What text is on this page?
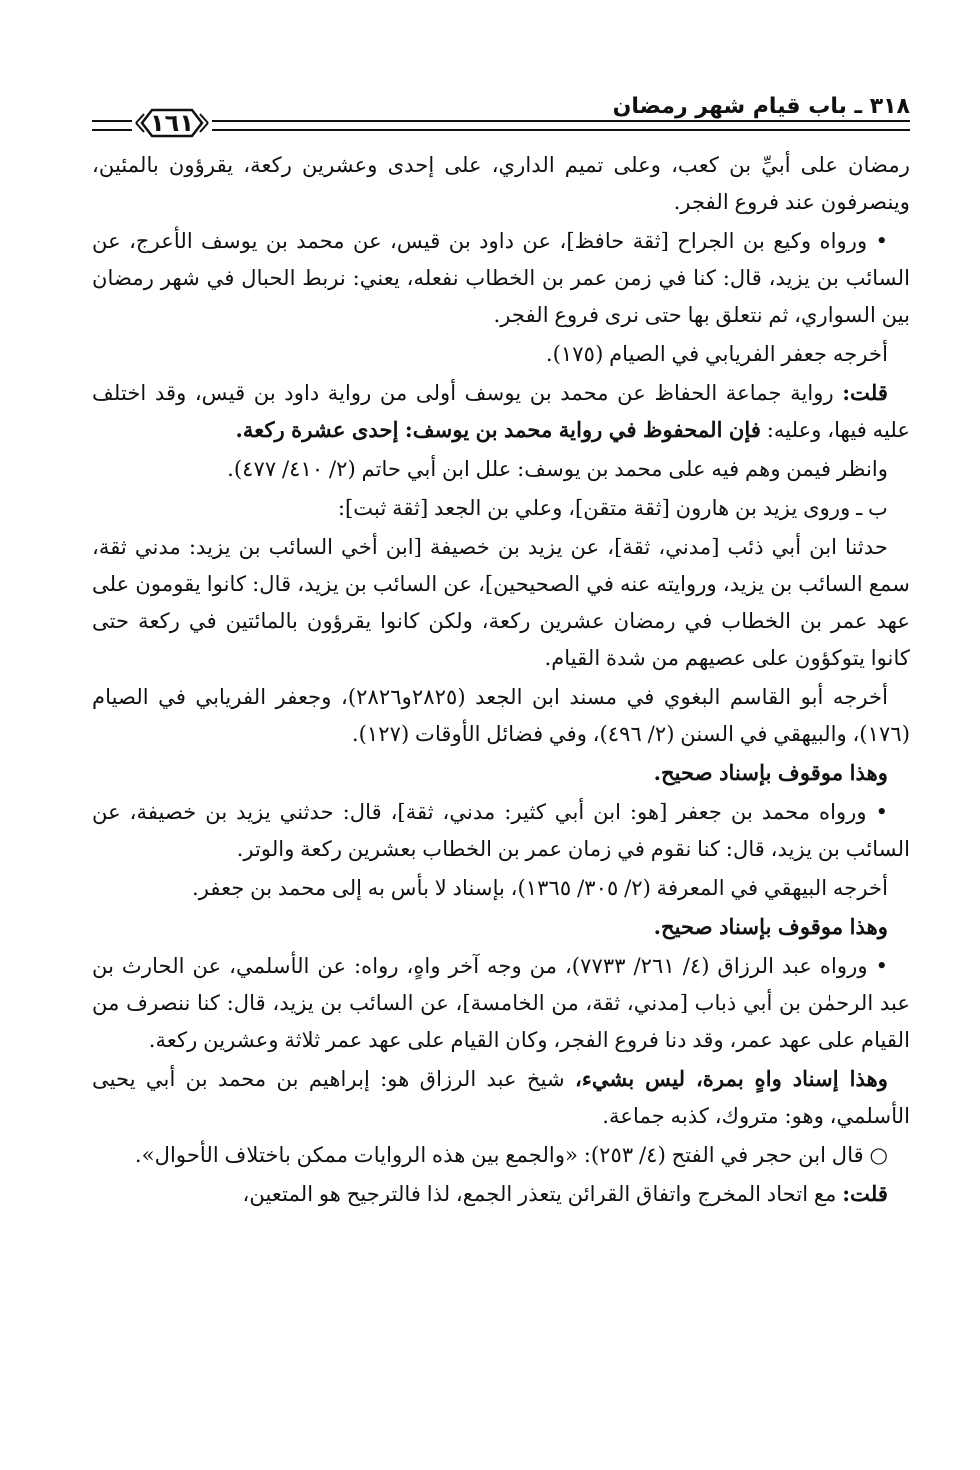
٣١٨ ـ باب قيام شهر رمضان
١٦١

رمضان على أبيِّ بن كعب، وعلى تميم الداري، على إحدى وعشرين ركعة، يقرؤون بالمئين، وينصرفون عند فروع الفجر.

• ورواه وكيع بن الجراح [ثقة حافظ]، عن داود بن قيس، عن محمد بن يوسف الأعرج، عن السائب بن يزيد، قال: كنا في زمن عمر بن الخطاب نفعله، يعني: نربط الحبال في شهر رمضان بين السواري، ثم نتعلق بها حتى نرى فروع الفجر.

أخرجه جعفر الفريابي في الصيام (١٧٥).

قلت: رواية جماعة الحفاظ عن محمد بن يوسف أولى من رواية داود بن قيس، وقد اختلف عليه فيها، وعليه: فإن المحفوظ في رواية محمد بن يوسف: إحدى عشرة ركعة.

وانظر فيمن وهم فيه على محمد بن يوسف: علل ابن أبي حاتم (٢/ ٤١٠/ ٤٧٧).

ب ـ وروى يزيد بن هارون [ثقة متقن]، وعلي بن الجعد [ثقة ثبت]:

حدثنا ابن أبي ذئب [مدني، ثقة]، عن يزيد بن خصيفة [ابن أخي السائب بن يزيد: مدني ثقة، سمع السائب بن يزيد، وروايته عنه في الصحيحين]، عن السائب بن يزيد، قال: كانوا يقومون على عهد عمر بن الخطاب في رمضان عشرين ركعة، ولكن كانوا يقرؤون بالمائتين في ركعة حتى كانوا يتوكؤون على عصيهم من شدة القيام.

أخرجه أبو القاسم البغوي في مسند ابن الجعد (٢٨٢٥و٢٨٢٦)، وجعفر الفريابي في الصيام (١٧٦)، والبيهقي في السنن (٢/ ٤٩٦)، وفي فضائل الأوقات (١٢٧).

وهذا موقوف بإسناد صحيح.

• ورواه محمد بن جعفر [هو: ابن أبي كثير: مدني، ثقة]، قال: حدثني يزيد بن خصيفة، عن السائب بن يزيد، قال: كنا نقوم في زمان عمر بن الخطاب بعشرين ركعة والوتر.

أخرجه البيهقي في المعرفة (٢/ ٣٠٥/ ١٣٦٥)، بإسناد لا بأس به إلى محمد بن جعفر.

وهذا موقوف بإسناد صحيح.

• ورواه عبد الرزاق (٤/ ٢٦١/ ٧٧٣٣)، من وجه آخر واهٍ، رواه: عن الأسلمي، عن الحارث بن عبد الرحمٰن بن أبي ذباب [مدني، ثقة، من الخامسة]، عن السائب بن يزيد، قال: كنا ننصرف من القيام على عهد عمر، وقد دنا فروع الفجر، وكان القيام على عهد عمر ثلاثة وعشرين ركعة.

وهذا إسناد واهٍ بمرة، ليس بشيء، شيخ عبد الرزاق هو: إبراهيم بن محمد بن أبي يحيى الأسلمي، وهو: متروك، كذبه جماعة.

○ قال ابن حجر في الفتح (٤/ ٢٥٣): «والجمع بين هذه الروايات ممكن باختلاف الأحوال».

قلت: مع اتحاد المخرج واتفاق القرائن يتعذر الجمع، لذا فالترجيح هو المتعين،
